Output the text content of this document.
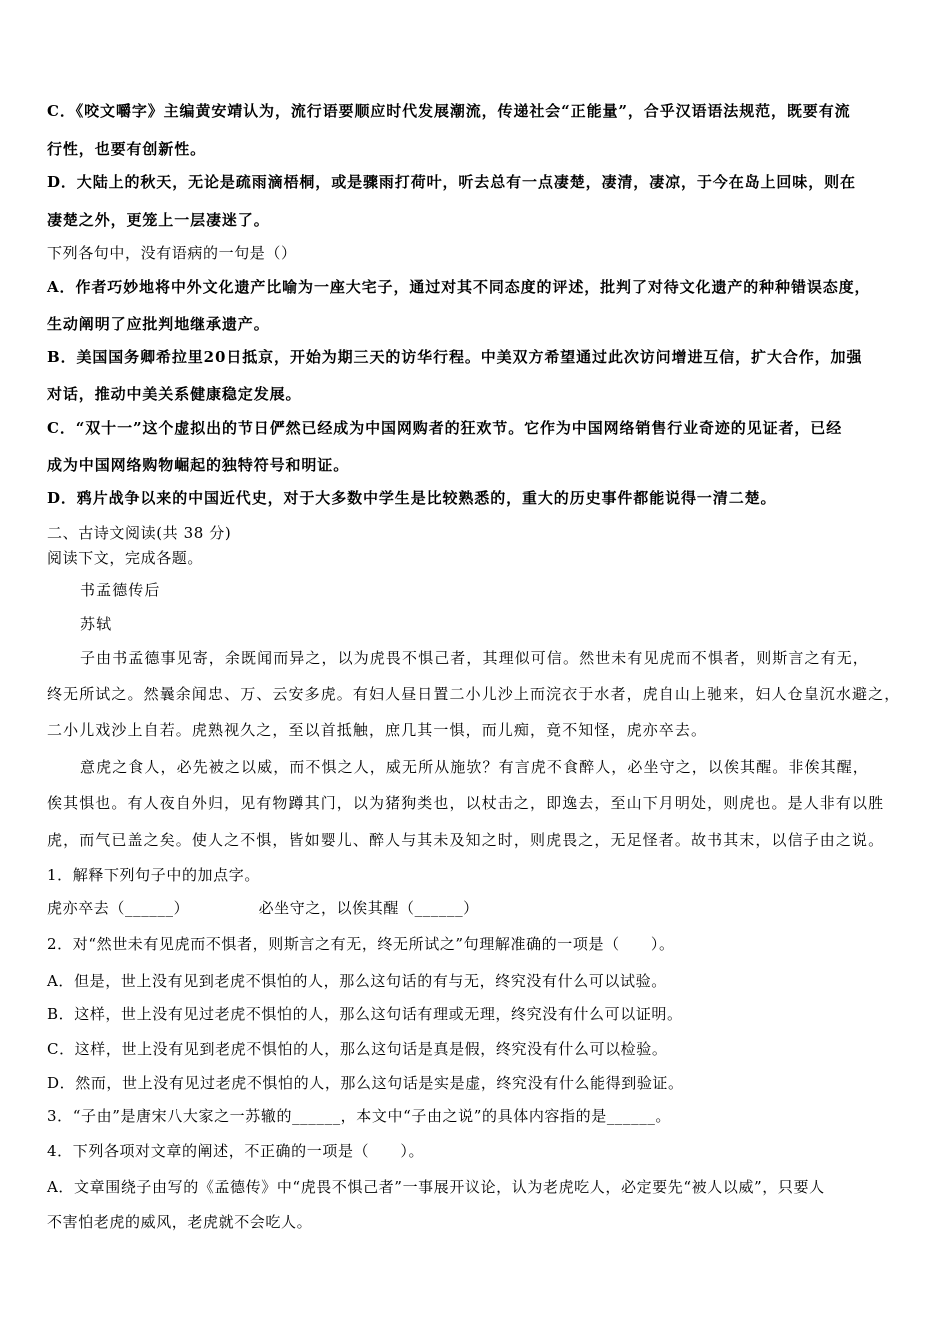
C．《咬文嚼字》主编黄安靖认为，流行语要顺应时代发展潮流，传递社会“正能量”，合乎汉语语法规范，既要有流
行性，也要有创新性。
D．大陆上的秋天，无论是疏雨滴梧桐，或是骤雨打荷叶，听去总有一点凄楚，凄清，凄凉，于今在岛上回味，则在
凄楚之外，更笼上一层凄迷了。
下列各句中，没有语病的一句是（）
A．作者巧妙地将中外文化遗产比喻为一座大宅子，通过对其不同态度的评述，批判了对待文化遗产的种种错误态度，
生动阐明了应批判地继承遗产。
B．美国国务卿希拉里20日抵京，开始为期三天的访华行程。中美双方希望通过此次访问增进互信，扩大合作，加强
对话，推动中美关系健康稳定发展。
C．“双十一”这个虚拟出的节日俨然已经成为中国网购者的狂欢节。它作为中国网络销售行业奇迹的见证者，已经
成为中国网络购物崛起的独特符号和明证。
D．鸦片战争以来的中国近代史，对于大多数中学生是比较熟悉的，重大的历史事件都能说得一清二楚。
二、古诗文阅读(共 38 分)
阅读下文，完成各题。
书孟德传后
苏轼
子由书孟德事见寄，余既闻而异之，以为虎畏不惧己者，其理似可信。然世未有见虎而不惧者，则斯言之有无，
终无所试之。然曩余闻忠、万、云安多虎。有妇人昼日置二小儿沙上而浣衣于水者，虎自山上驰来，妇人仓皇沉水避之，
二小儿戏沙上自若。虎熟视久之，至以首抵触，庶几其一惧，而儿痴，竟不知怪，虎亦卒去。
意虎之食人，必先被之以威，而不惧之人，威无所从施欤？有言虎不食醉人，必坐守之，以俟其醒。非俟其醒，
俟其惧也。有人夜自外归，见有物蹲其门，以为猪狗类也，以杖击之，即逸去，至山下月明处，则虎也。是人非有以胜
虎，而气已盖之矣。使人之不惧，皆如婴儿、醉人与其未及知之时，则虎畏之，无足怪者。故书其末，以信子由之说。
1．解释下列句子中的加点字。
虎亦卒去（______）	必坐守之，以俟其醒（______）
2．对“然世未有见虎而不惧者，则斯言之有无，终无所试之”句理解准确的一项是（　　）。
A．但是，世上没有见到老虎不惧怕的人，那么这句话的有与无，终究没有什么可以试验。
B．这样，世上没有见过老虎不惧怕的人，那么这句话有理或无理，终究没有什么可以证明。
C．这样，世上没有见到老虎不惧怕的人，那么这句话是真是假，终究没有什么可以检验。
D．然而，世上没有见过老虎不惧怕的人，那么这句话是实是虚，终究没有什么能得到验证。
3．“子由”是唐宋八大家之一苏辙的______，本文中“子由之说”的具体内容指的是______。
4．下列各项对文章的阐述，不正确的一项是（　　）。
A．文章围绕子由写的《孟德传》中“虎畏不惧己者”一事展开议论，认为老虎吃人，必定要先“被人以威”，只要人
不害怕老虎的威风，老虎就不会吃人。
